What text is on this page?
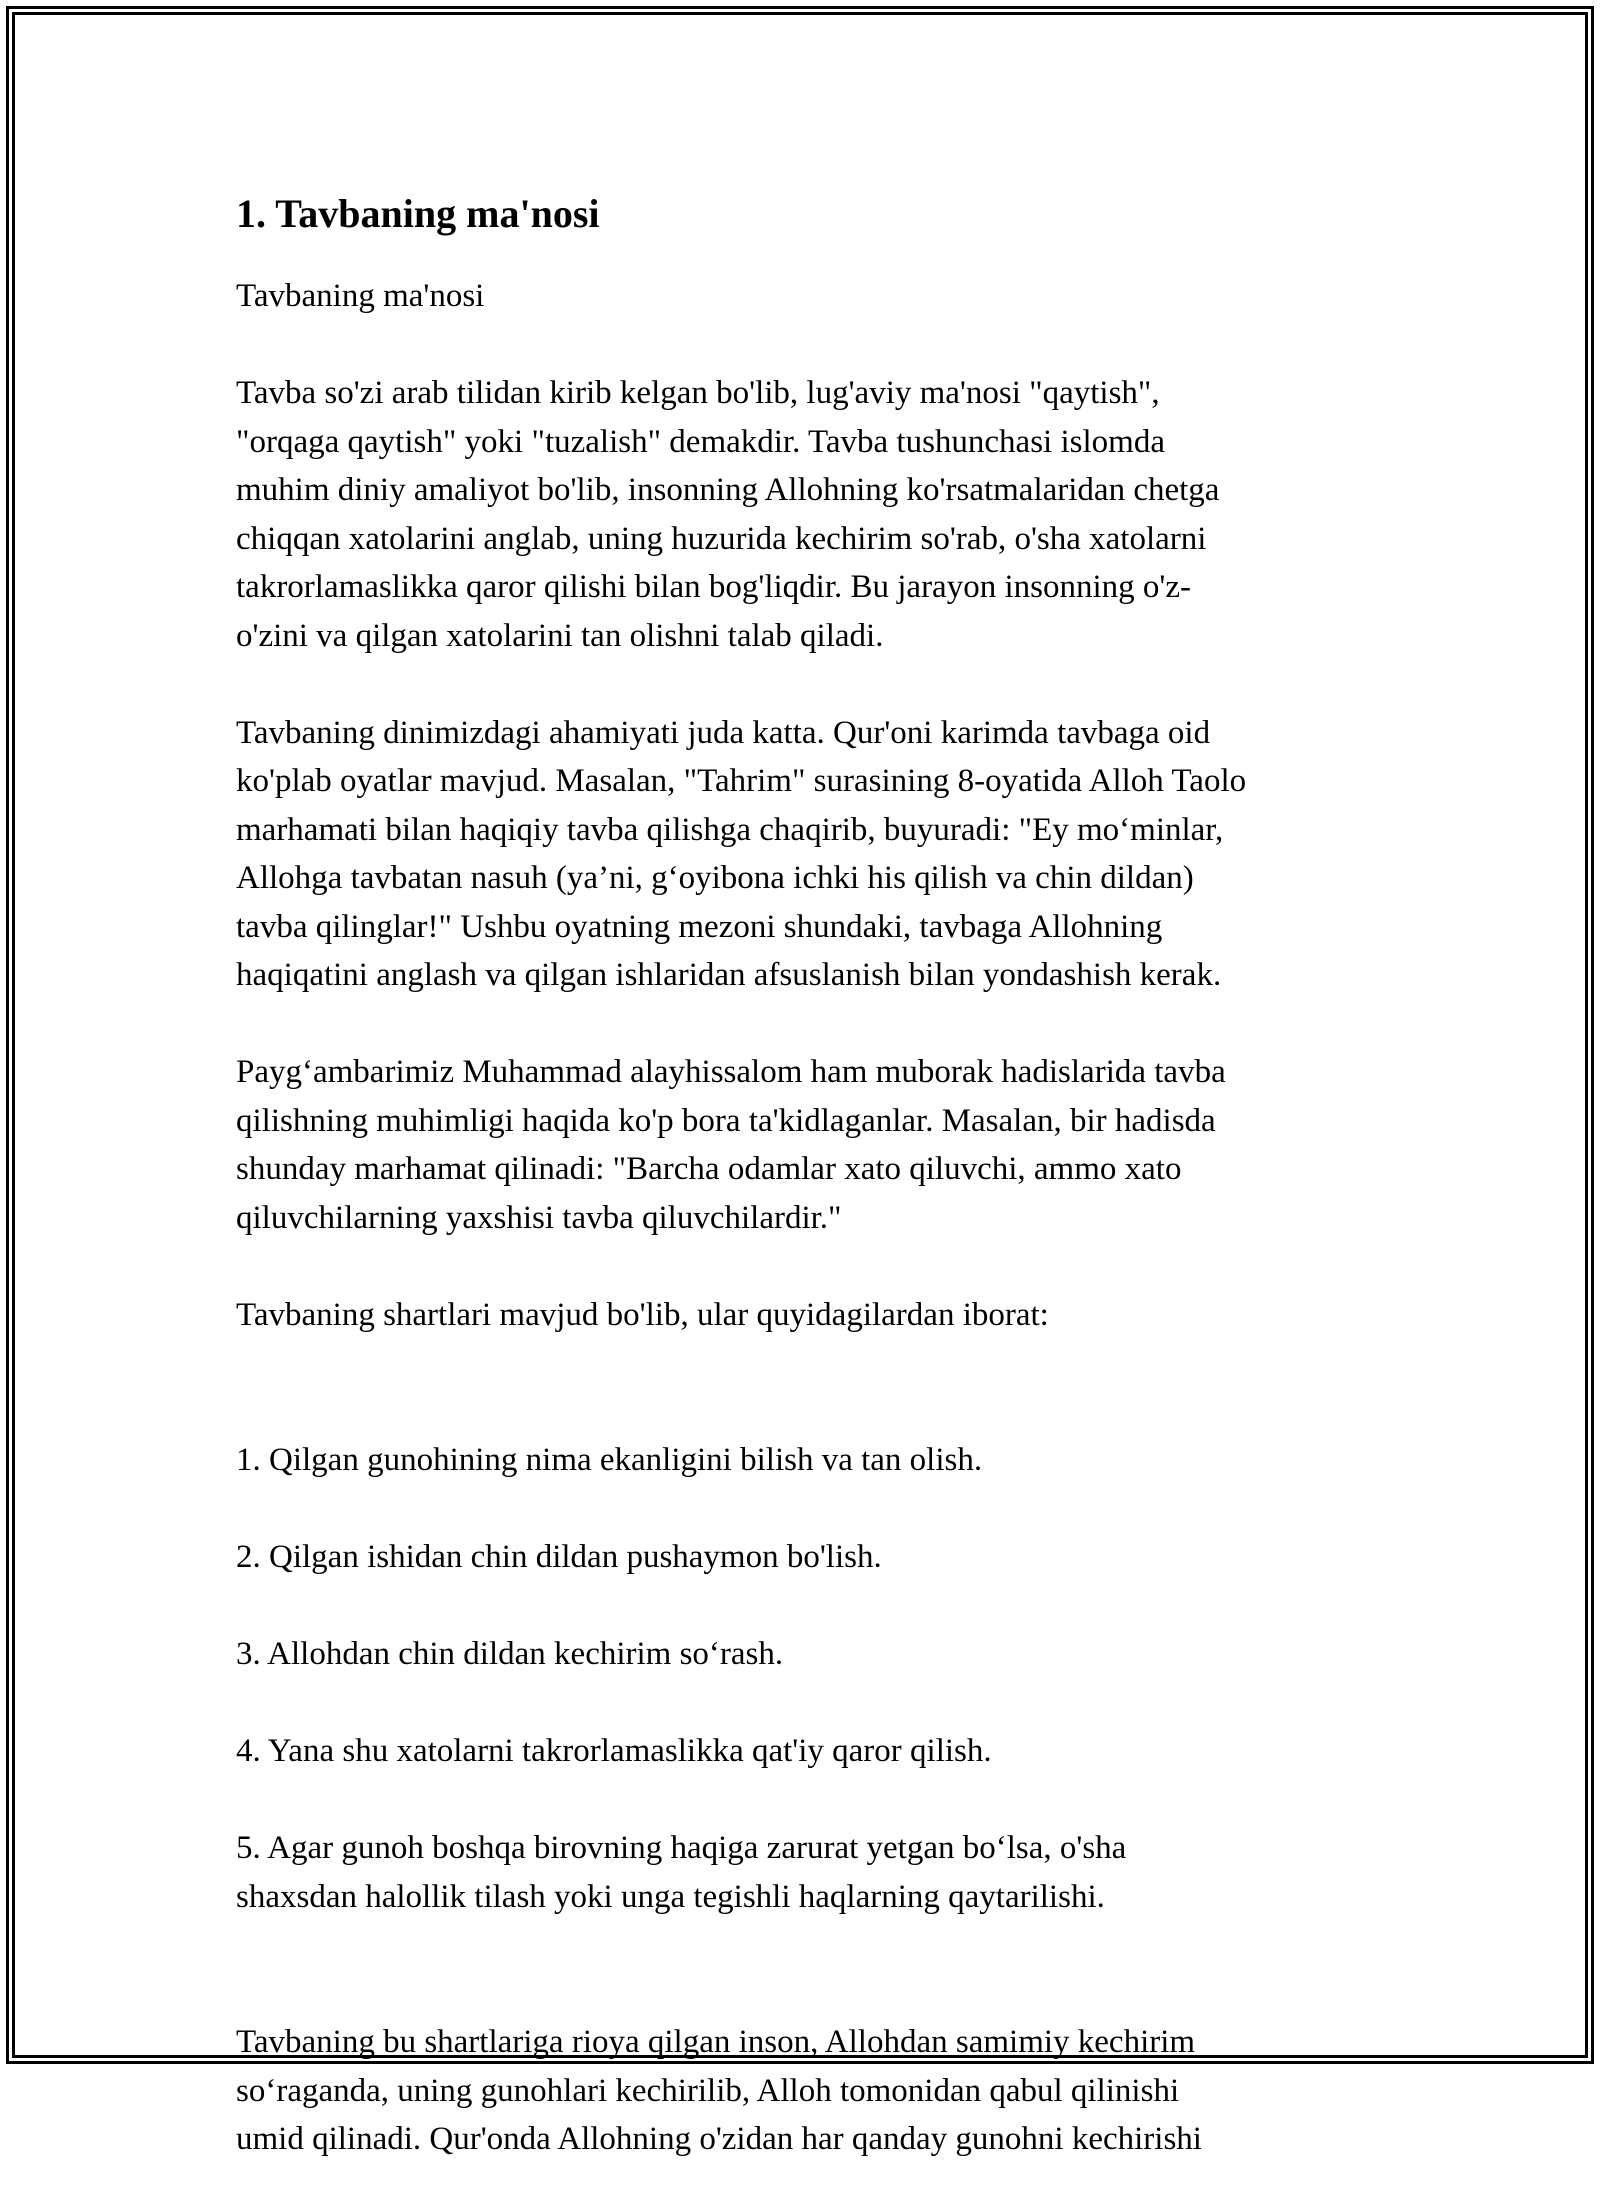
1. Tavbaning ma'nosi

Tavbaning ma'nosi

Tavba so'zi arab tilidan kirib kelgan bo'lib, lug'aviy ma'nosi "qaytish",
"orqaga qaytish" yoki "tuzalish" demakdir. Tavba tushunchasi islomda
muhim diniy amaliyot bo'lib, insonning Allohning ko'rsatmalaridan chetga
chiqqan xatolarini anglab, uning huzurida kechirim so'rab, o'sha xatolarni
takrorlamaslikka qaror qilishi bilan bog'liqdir. Bu jarayon insonning o'z-
o'zini va qilgan xatolarini tan olishni talab qiladi.

Tavbaning dinimizdagi ahamiyati juda katta. Qur'oni karimda tavbaga oid
ko'plab oyatlar mavjud. Masalan, "Tahrim" surasining 8-oyatida Alloh Taolo
marhamati bilan haqiqiy tavba qilishga chaqirib, buyuradi: "Ey mo‘minlar,
Allohga tavbatan nasuh (ya’ni, g‘oyibona ichki his qilish va chin dildan)
tavba qilinglar!" Ushbu oyatning mezoni shundaki, tavbaga Allohning
haqiqatini anglash va qilgan ishlaridan afsuslanish bilan yondashish kerak.

Payg‘ambarimiz Muhammad alayhissalom ham muborak hadislarida tavba
qilishning muhimligi haqida ko'p bora ta'kidlaganlar. Masalan, bir hadisda
shunday marhamat qilinadi: "Barcha odamlar xato qiluvchi, ammo xato
qiluvchilarning yaxshisi tavba qiluvchilardir."

Tavbaning shartlari mavjud bo'lib, ular quyidagilardan iborat:

1. Qilgan gunohining nima ekanligini bilish va tan olish.

2. Qilgan ishidan chin dildan pushaymon bo'lish.

3. Allohdan chin dildan kechirim so‘rash.

4. Yana shu xatolarni takrorlamaslikka qat'iy qaror qilish.

5. Agar gunoh boshqa birovning haqiga zarurat yetgan bo‘lsa, o'sha
shaxsdan halollik tilash yoki unga tegishli haqlarning qaytarilishi.

Tavbaning bu shartlariga rioya qilgan inson, Allohdan samimiy kechirim
so‘raganda, uning gunohlari kechirilib, Alloh tomonidan qabul qilinishi
umid qilinadi. Qur'onda Allohning o'zidan har qanday gunohni kechirishi
